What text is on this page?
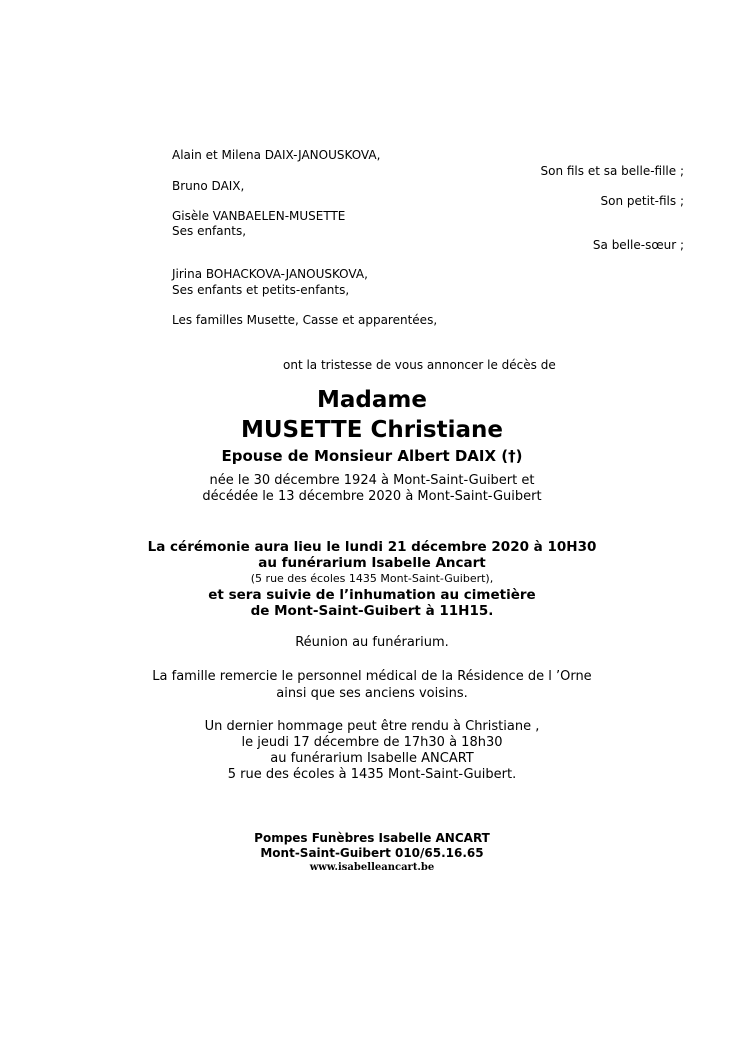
Alain et Milena DAIX-JANOUSKOVA,
Son fils et sa belle-fille ;
Bruno DAIX,
Son petit-fils ;
Gisèle VANBAELEN-MUSETTE
Ses enfants,
Sa belle-sœur ;
Jirina BOHACKOVA-JANOUSKOVA,
Ses enfants et petits-enfants,
Les familles Musette, Casse et apparentées,
ont la tristesse de vous annoncer le décès de
Madame
MUSETTE Christiane
Epouse de Monsieur Albert DAIX (†)
née le 30 décembre 1924 à Mont-Saint-Guibert et
décédée le 13 décembre 2020 à Mont-Saint-Guibert
La cérémonie aura lieu le lundi 21 décembre 2020 à 10H30
au funérarium Isabelle Ancart
(5 rue des écoles 1435 Mont-Saint-Guibert),
et sera suivie de l’inhumation au cimetière
de Mont-Saint-Guibert à 11H15.
Réunion au funérarium.
La famille remercie le personnel médical de la Résidence de l ’Orne
ainsi que ses anciens voisins.
Un dernier hommage peut être rendu à Christiane ,
le jeudi 17 décembre de 17h30 à 18h30
au funérarium Isabelle ANCART
5 rue des écoles à 1435 Mont-Saint-Guibert.
Pompes Funèbres Isabelle ANCART
Mont-Saint-Guibert 010/65.16.65
www.isabelleancart.be
